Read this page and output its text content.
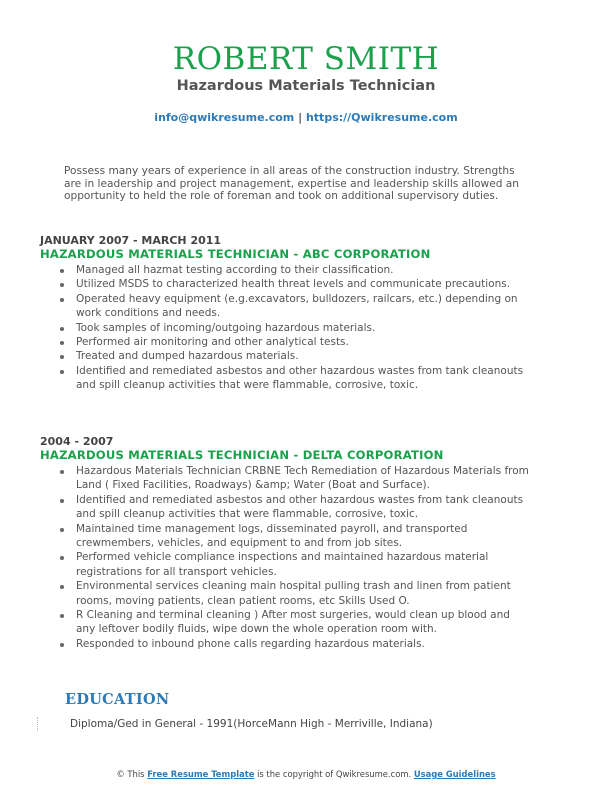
ROBERT SMITH
Hazardous Materials Technician
info@qwikresume.com | https://Qwikresume.com
Possess many years of experience in all areas of the construction industry. Strengths are in leadership and project management, expertise and leadership skills allowed an opportunity to held the role of foreman and took on additional supervisory duties.
JANUARY 2007 - MARCH 2011
HAZARDOUS MATERIALS TECHNICIAN - ABC CORPORATION
Managed all hazmat testing according to their classification.
Utilized MSDS to characterized health threat levels and communicate precautions.
Operated heavy equipment (e.g.excavators, bulldozers, railcars, etc.) depending on work conditions and needs.
Took samples of incoming/outgoing hazardous materials.
Performed air monitoring and other analytical tests.
Treated and dumped hazardous materials.
Identified and remediated asbestos and other hazardous wastes from tank cleanouts and spill cleanup activities that were flammable, corrosive, toxic.
2004 - 2007
HAZARDOUS MATERIALS TECHNICIAN - DELTA CORPORATION
Hazardous Materials Technician CRBNE Tech Remediation of Hazardous Materials from Land ( Fixed Facilities, Roadways) &amp; Water (Boat and Surface).
Identified and remediated asbestos and other hazardous wastes from tank cleanouts and spill cleanup activities that were flammable, corrosive, toxic.
Maintained time management logs, disseminated payroll, and transported crewmembers, vehicles, and equipment to and from job sites.
Performed vehicle compliance inspections and maintained hazardous material registrations for all transport vehicles.
Environmental services cleaning main hospital pulling trash and linen from patient rooms, moving patients, clean patient rooms, etc Skills Used O.
R Cleaning and terminal cleaning ) After most surgeries, would clean up blood and any leftover bodily fluids, wipe down the whole operation room with.
Responded to inbound phone calls regarding hazardous materials.
EDUCATION
Diploma/Ged in General - 1991(HorceMann High - Merriville, Indiana)
© This Free Resume Template is the copyright of Qwikresume.com. Usage Guidelines
